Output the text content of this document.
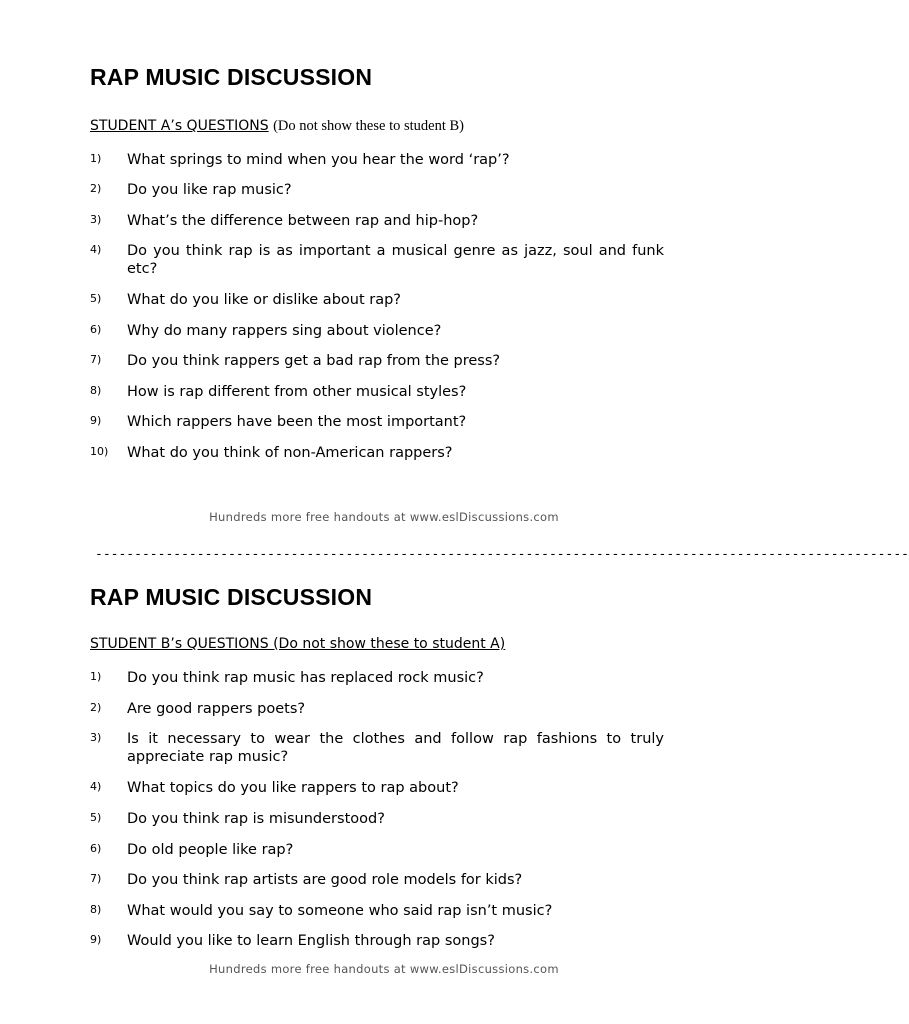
RAP MUSIC DISCUSSION
STUDENT A’s QUESTIONS (Do not show these to student B)
1) What springs to mind when you hear the word ‘rap’?
2) Do you like rap music?
3) What’s the difference between rap and hip-hop?
4) Do you think rap is as important a musical genre as jazz, soul and funk etc?
5) What do you like or dislike about rap?
6) Why do many rappers sing about violence?
7) Do you think rappers get a bad rap from the press?
8) How is rap different from other musical styles?
9) Which rappers have been the most important?
10) What do you think of non-American rappers?
Hundreds more free handouts at www.eslDiscussions.com
--------------------------------------------------------------------------------------------------------
RAP MUSIC DISCUSSION
STUDENT B’s QUESTIONS (Do not show these to student A)
1) Do you think rap music has replaced rock music?
2) Are good rappers poets?
3) Is it necessary to wear the clothes and follow rap fashions to truly appreciate rap music?
4) What topics do you like rappers to rap about?
5) Do you think rap is misunderstood?
6) Do old people like rap?
7) Do you think rap artists are good role models for kids?
8) What would you say to someone who said rap isn’t music?
9) Would you like to learn English through rap songs?
Hundreds more free handouts at www.eslDiscussions.com
